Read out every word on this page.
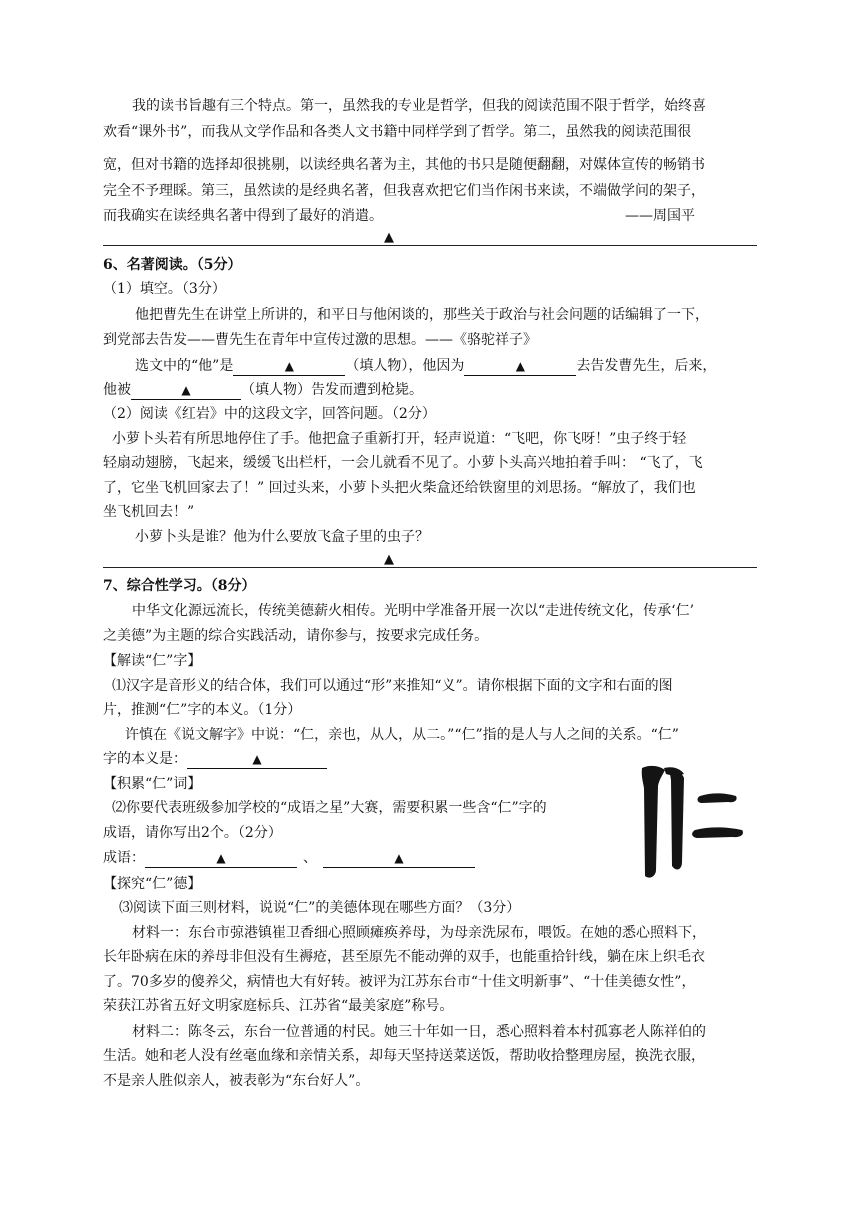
我的读书旨趣有三个特点。第一，虽然我的专业是哲学，但我的阅读范围不限于哲学，始终喜
欢看“课外书”，而我从文学作品和各类人文书籍中同样学到了哲学。第二，虽然我的阅读范围很
宽，但对书籍的选择却很挑剔，以读经典名著为主，其他的书只是随便翻翻，对媒体宣传的畅销书
完全不予理睬。第三，虽然读的是经典名著，但我喜欢把它们当作闲书来读，不端做学问的架子，
而我确实在读经典名著中得到了最好的消遣。	——周国平
▲
6、名著阅读。（5分）
（1）填空。（3分）
他把曹先生在讲堂上所讲的，和平日与他闲谈的，那些关于政治与社会问题的话编辑了一下，
到党部去告发——曹先生在青年中宣传过激的思想。——《骆驼祥子》
选文中的“他”是	▲	（填人物），他因为	▲	去告发曹先生，后来，
他被	▲	（填人物）告发而遭到枪毙。
（2）阅读《红岩》中的这段文字，回答问题。（2分）
小萝卜头若有所思地停住了手。他把盒子重新打开，轻声说道：“飞吧，你飞呀！”虫子终于轻
轻扇动翅膀，飞起来，缓缓飞出栏杆，一会儿就看不见了。小萝卜头高兴地拍着手叫： “飞了，飞
了，它坐飞机回家去了！” 回过头来，小萝卜头把火柴盒还给铁窗里的刘思扬。“解放了，我们也
坐飞机回去！”
小萝卜头是谁？他为什么要放飞盒子里的虫子？
▲
7、综合性学习。（8分）
中华文化源远流长，传统美德薪火相传。光明中学准备开展一次以“走进传统文化，传承‘仁’
之美德”为主题的综合实践活动，请你参与，按要求完成任务。
【解读“仁”字】
⑴汉字是音形义的结合体，我们可以通过“形”来推知“义”。请你根据下面的文字和右面的图
片，推测“仁”字的本义。（1分）
许慎在《说文解字》中说：“仁，亲也，从人，从二。”“仁”指的是人与人之间的关系。“仁”
字的本义是：	▲
【积累“仁”词】
⑵你要代表班级参加学校的“成语之星”大赛，需要积累一些含“仁”字的
成语，请你写出2个。（2分）
成语：	▲	、	▲
【探究“仁”德】
⑶阅读下面三则材料，说说“仁”的美德体现在哪些方面？（3分）
材料一：东台市弶港镇崔卫香细心照顾瘫痪养母，为母亲洗尿布，喂饭。在她的悉心照料下，
长年卧病在床的养母非但没有生褥疮，甚至原先不能动弹的双手，也能重拾针线，躺在床上织毛衣
了。70多岁的傻养父，病情也大有好转。被评为江苏东台市“十佳文明新事”、“十佳美德女性”，
荣获江苏省五好文明家庭标兵、江苏省“最美家庭”称号。
材料二：陈冬云，东台一位普通的村民。她三十年如一日，悉心照料着本村孤寡老人陈祥伯的
生活。她和老人没有丝毫血缘和亲情关系，却每天坚持送菜送饭，帮助收拾整理房屋，换洗衣服，
不是亲人胜似亲人，被表彰为“东台好人”。
